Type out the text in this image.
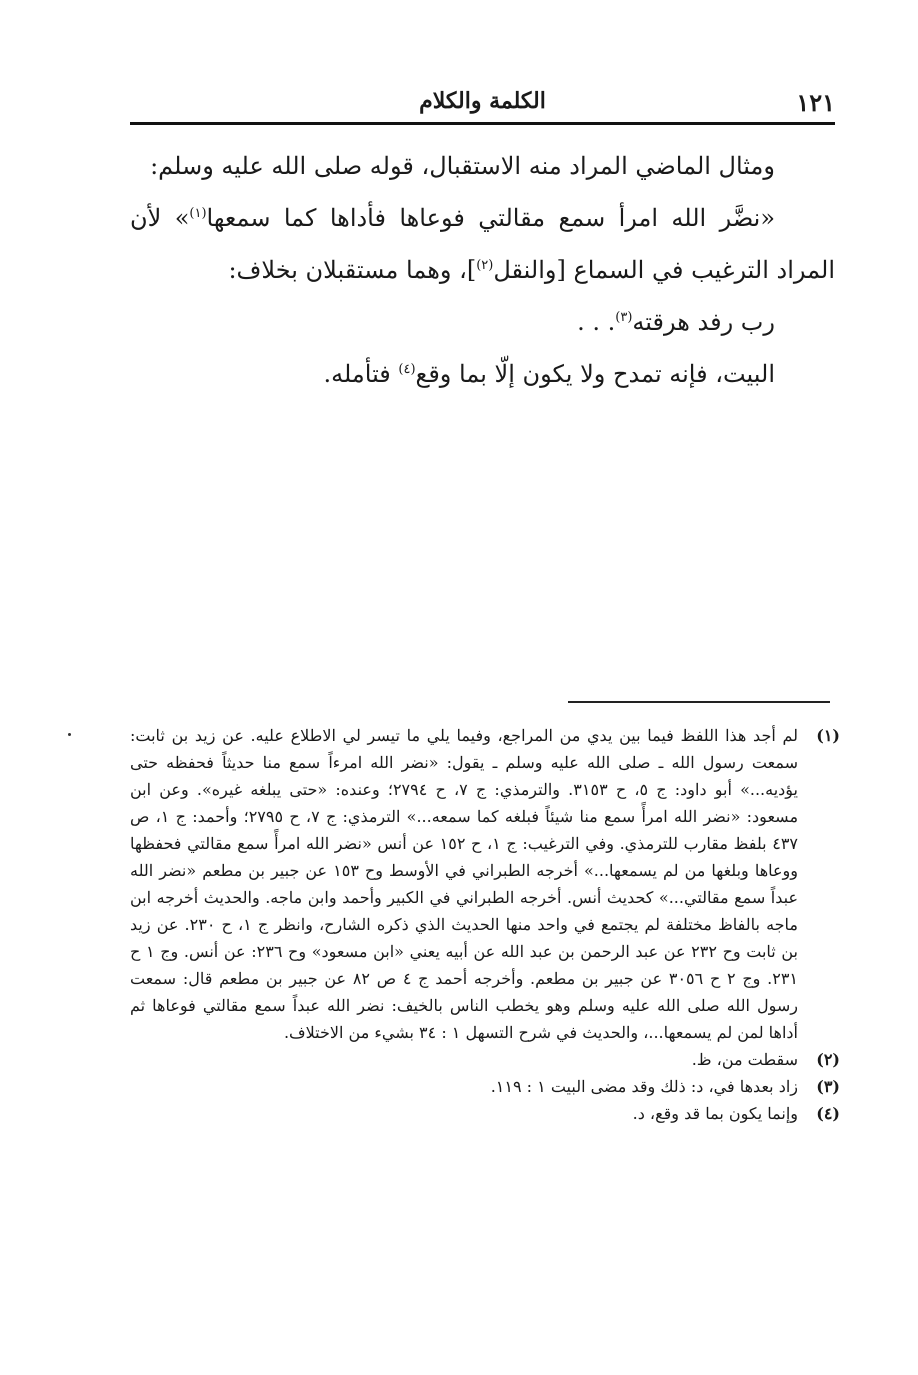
١٢١
الكلمة والكلام

ومثال الماضي المراد منه الاستقبال، قوله صلى الله عليه وسلم:

«نضَّر الله امرأ سمع مقالتي فوعاها فأداها كما سمعها$^{(١)}$» لأن المراد الترغيب في السماع [والنقل$^{(٢)}$]، وهما مستقبلان بخلاف:

رب رفد هرقته$^{(٣)}$. . .

البيت، فإنه تمدح ولا يكون إلّا بما وقع$^{(٤)}$ فتأمله.

(١)
لم أجد هذا اللفظ فيما بين يدي من المراجع، وفيما يلي ما تيسر لي الاطلاع عليه. عن زيد بن ثابت: سمعت رسول الله ـ صلى الله عليه وسلم ـ يقول: «نضر الله امرءاً سمع منا حديثاً فحفظه حتى يؤديه...» أبو داود: ج ٥، ح ٣١٥٣. والترمذي: ج ٧، ح ٢٧٩٤؛ وعنده: «حتى يبلغه غيره». وعن ابن مسعود: «نضر الله امرأً سمع منا شيئاً فبلغه كما سمعه...» الترمذي: ج ٧، ح ٢٧٩٥؛ وأحمد: ج ١، ص ٤٣٧ بلفظ مقارب للترمذي. وفي الترغيب: ج ١، ح ١٥٢ عن أنس «نضر الله امرأً سمع مقالتي فحفظها ووعاها وبلغها من لم يسمعها...» أخرجه الطبراني في الأوسط وح ١٥٣ عن جبير بن مطعم «نضر الله عبداً سمع مقالتي...» كحديث أنس. أخرجه الطبراني في الكبير وأحمد وابن ماجه. والحديث أخرجه ابن ماجه بالفاظ مختلفة لم يجتمع في واحد منها الحديث الذي ذكره الشارح، وانظر ج ١، ح ٢٣٠. عن زيد بن ثابت وح ٢٣٢ عن عبد الرحمن بن عبد الله عن أبيه يعني «ابن مسعود» وح ٢٣٦: عن أنس. وج ١ ح ٢٣١. وج ٢ ح ٣٠٥٦ عن جبير بن مطعم. وأخرجه أحمد ج ٤ ص ٨٢ عن جبير بن مطعم قال: سمعت رسول الله صلى الله عليه وسلم وهو يخطب الناس بالخيف: نضر الله عبداً سمع مقالتي فوعاها ثم أداها لمن لم يسمعها...، والحديث في شرح التسهل ١ : ٣٤ بشيء من الاختلاف.
(٢)
سقطت من، ظ.
(٣)
زاد بعدها في، د: ذلك وقد مضى البيت ١ : ١١٩.
(٤)
وإنما يكون بما قد وقع، د.
